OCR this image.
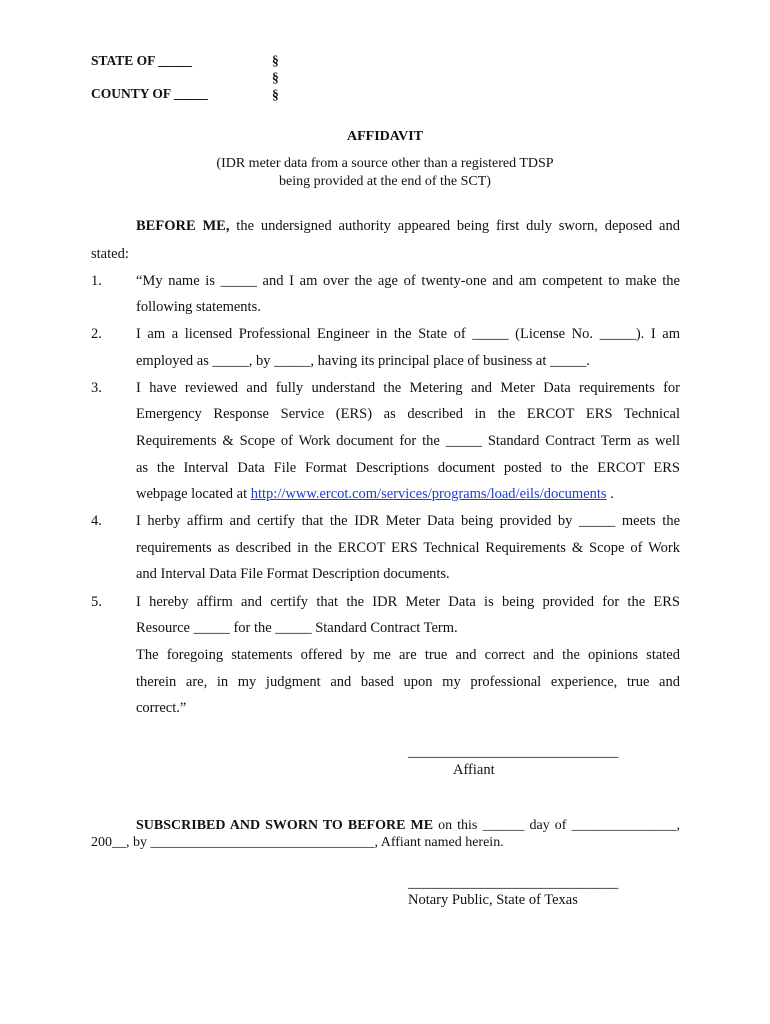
STATE OF _____
COUNTY OF _____
§
§
§
AFFIDAVIT
(IDR meter data from a source other than a registered TDSP
being provided at the end of the SCT)
BEFORE ME, the undersigned authority appeared being first duly sworn, deposed and
stated:
1. “My name is _____ and I am over the age of twenty-one and am competent to make the
following statements.
2. I am a licensed Professional Engineer in the State of _____ (License No. _____). I am
employed as _____, by _____, having its principal place of business at _____.
3. I have reviewed and fully understand the Metering and Meter Data requirements for
Emergency Response Service (ERS) as described in the ERCOT ERS Technical
Requirements & Scope of Work document for the _____ Standard Contract Term as well
as the Interval Data File Format Descriptions document posted to the ERCOT ERS
webpage located at http://www.ercot.com/services/programs/load/eils/documents .
4. I herby affirm and certify that the IDR Meter Data being provided by _____ meets the
requirements as described in the ERCOT ERS Technical Requirements & Scope of Work
and Interval Data File Format Description documents.
5. I hereby affirm and certify that the IDR Meter Data is being provided for the ERS
Resource _____ for the _____ Standard Contract Term.
The foregoing statements offered by me are true and correct and the opinions stated
therein are, in my judgment and based upon my professional experience, true and
correct.”
_____________________________
Affiant
SUBSCRIBED AND SWORN TO BEFORE ME on this ______ day of _______________,
200__, by ________________________________, Affiant named herein.
_____________________________
Notary Public, State of Texas
